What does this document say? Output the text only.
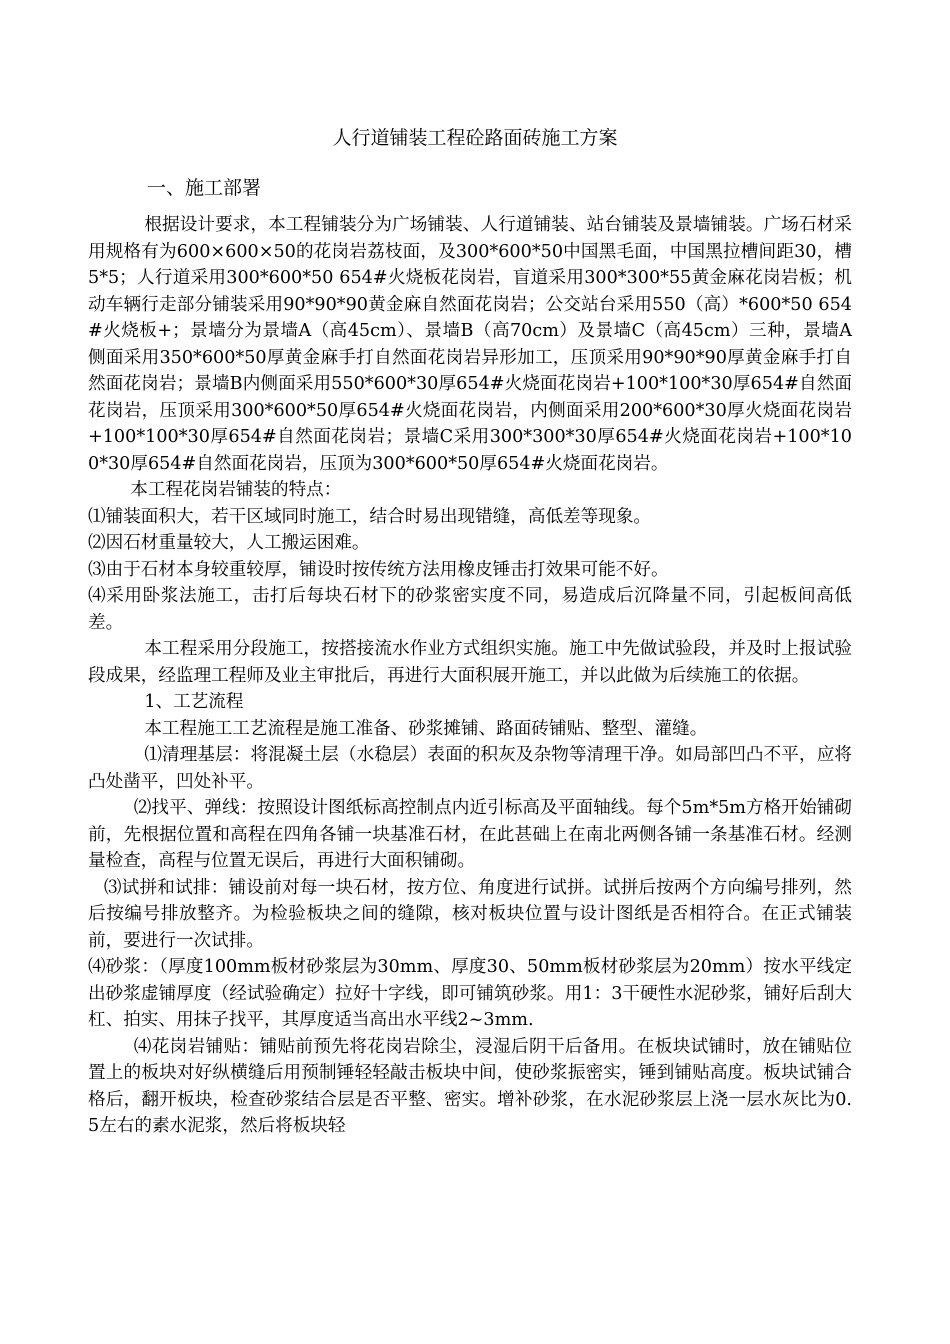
人行道铺装工程砼路面砖施工方案
一、施工部署

根据设计要求，本工程铺装分为广场铺装、人行道铺装、站台铺装及景墙铺装。广场石材采用规格有为600×600×50的花岗岩荔枝面，及300*600*50中国黑毛面，中国黑拉槽间距30，槽5*5；人行道采用300*600*50 654#火烧板花岗岩，盲道采用300*300*55黄金麻花岗岩板；机动车辆行走部分铺装采用90*90*90黄金麻自然面花岗岩；公交站台采用550（高）*600*50 654#火烧板+；景墙分为景墙A（高45cm）、景墙B（高70cm）及景墙C（高45cm）三种，景墙A侧面采用350*600*50厚黄金麻手打自然面花岗岩异形加工，压顶采用90*90*90厚黄金麻手打自然面花岗岩；景墙B内侧面采用550*600*30厚654#火烧面花岗岩+100*100*30厚654#自然面花岗岩，压顶采用300*600*50厚654#火烧面花岗岩，内侧面采用200*600*30厚火烧面花岗岩+100*100*30厚654#自然面花岗岩；景墙C采用300*300*30厚654#火烧面花岗岩+100*100*30厚654#自然面花岗岩，压顶为300*600*50厚654#火烧面花岗岩。

本工程花岗岩铺装的特点：

⑴铺装面积大，若干区域同时施工，结合时易出现错缝，高低差等现象。

⑵因石材重量较大，人工搬运困难。

⑶由于石材本身较重较厚，铺设时按传统方法用橡皮锤击打效果可能不好。

⑷采用卧浆法施工，击打后每块石材下的砂浆密实度不同，易造成后沉降量不同，引起板间高低差。

本工程采用分段施工，按搭接流水作业方式组织实施。施工中先做试验段，并及时上报试验段成果，经监理工程师及业主审批后，再进行大面积展开施工，并以此做为后续施工的依据。

1、工艺流程

本工程施工工艺流程是施工准备、砂浆摊铺、路面砖铺贴、整型、灌缝。

⑴清理基层：将混凝土层（水稳层）表面的积灰及杂物等清理干净。如局部凹凸不平，应将凸处凿平，凹处补平。

⑵找平、弹线：按照设计图纸标高控制点内近引标高及平面轴线。每个5m*5m方格开始铺砌前，先根据位置和高程在四角各铺一块基准石材，在此甚础上在南北两侧各铺一条基准石材。经测量检查，高程与位置无误后，再进行大面积铺砌。

⑶试拼和试排：铺设前对每一块石材，按方位、角度进行试拼。试拼后按两个方向编号排列，然后按编号排放整齐。为检验板块之间的缝隙，核对板块位置与设计图纸是否相符合。在正式铺装前，要进行一次试排。

⑷砂浆：（厚度100mm板材砂浆层为30mm、厚度30、50mm板材砂浆层为20mm）按水平线定出砂浆虚铺厚度（经试验确定）拉好十字线，即可铺筑砂浆。用1：3干硬性水泥砂浆，铺好后刮大杠、拍实、用抹子找平，其厚度适当高出水平线2~3mm.

⑷花岗岩铺贴：铺贴前预先将花岗岩除尘，浸湿后阴干后备用。在板块试铺时，放在铺贴位置上的板块对好纵横缝后用预制锤轻轻敲击板块中间，使砂浆振密实，锤到铺贴高度。板块试铺合格后，翻开板块，检查砂浆结合层是否平整、密实。增补砂浆，在水泥砂浆层上浇一层水灰比为0.5左右的素水泥浆，然后将板块轻
